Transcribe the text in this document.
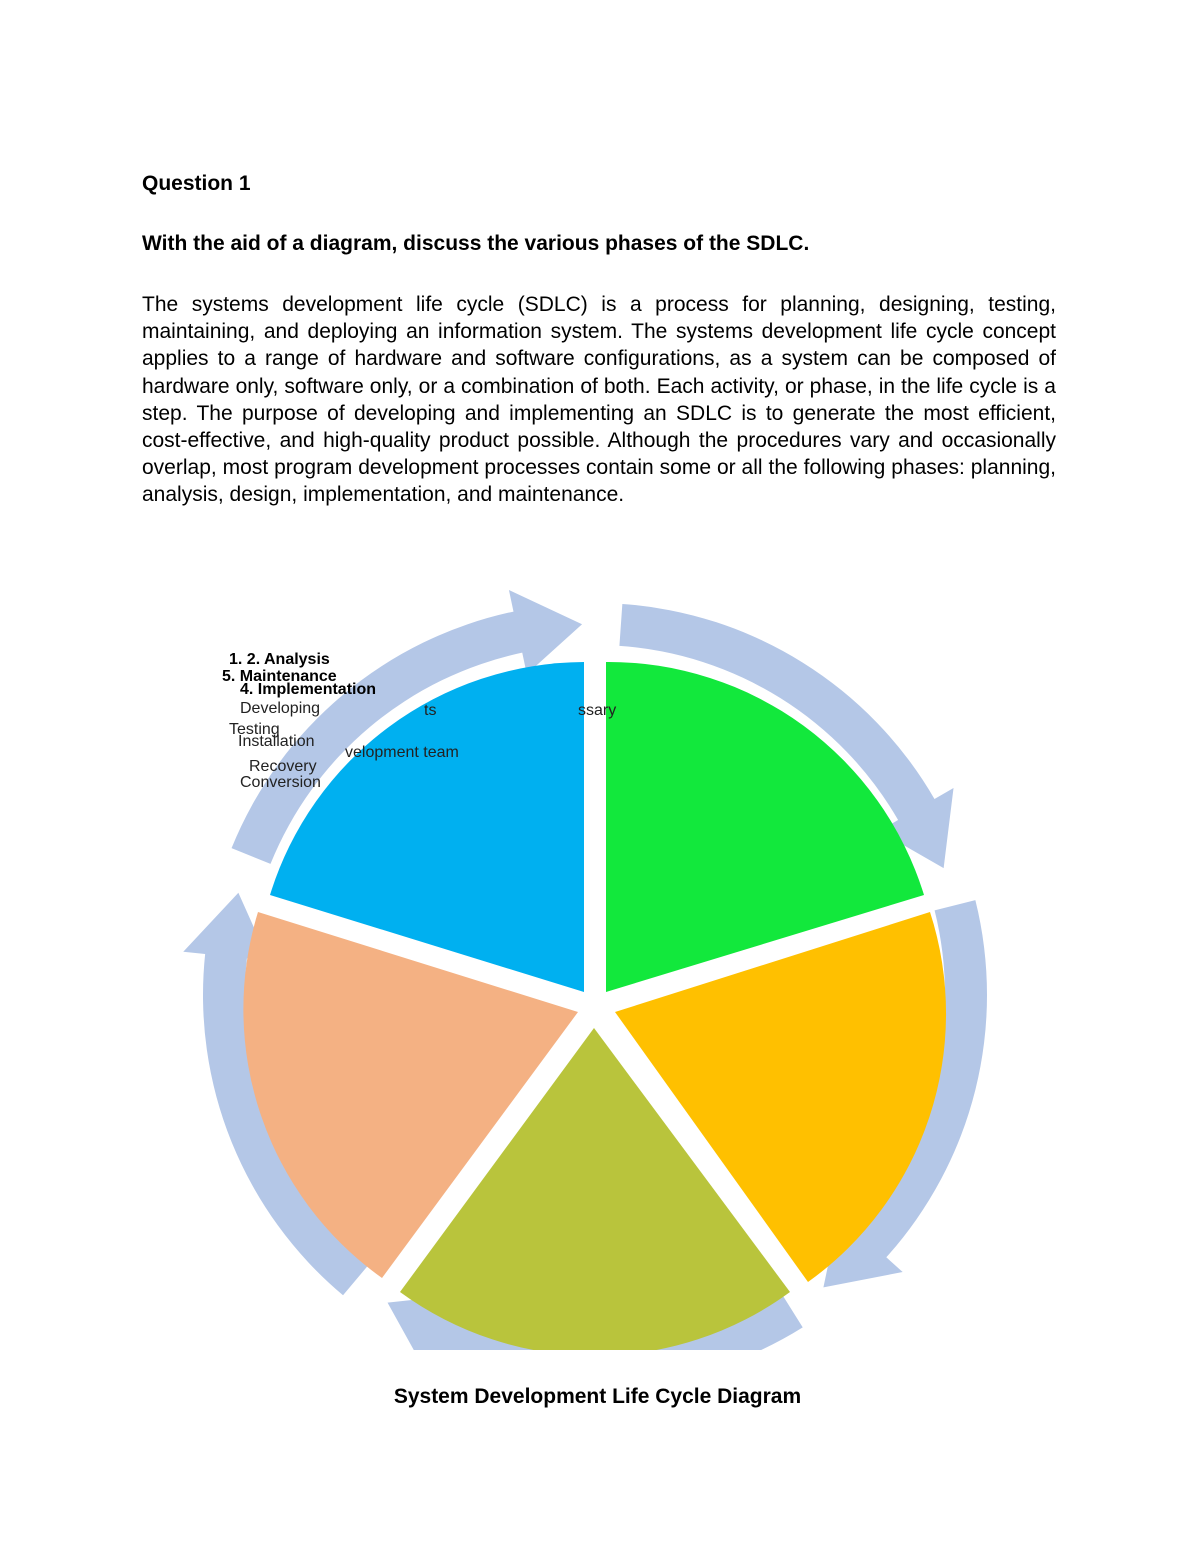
Question 1

With the aid of a diagram, discuss the various phases of the SDLC.

The systems development life cycle (SDLC) is a process for planning, designing, testing, maintaining, and deploying an information system. The systems development life cycle concept applies to a range of hardware and software configurations, as a system can be composed of hardware only, software only, or a combination of both. Each activity, or phase, in the life cycle is a step. The purpose of developing and implementing an SDLC is to generate the most efficient, cost-effective, and high-quality product possible. Although the procedures vary and occasionally overlap, most program development processes contain some or all the following phases: planning, analysis, design, implementation, and maintenance.

1. 2. Analysis
5. Maintenance
4. Implementation
Developing	ts	ssary
Testing
Installation
velopment team
Recovery
Conversion

System Development Life Cycle Diagram
